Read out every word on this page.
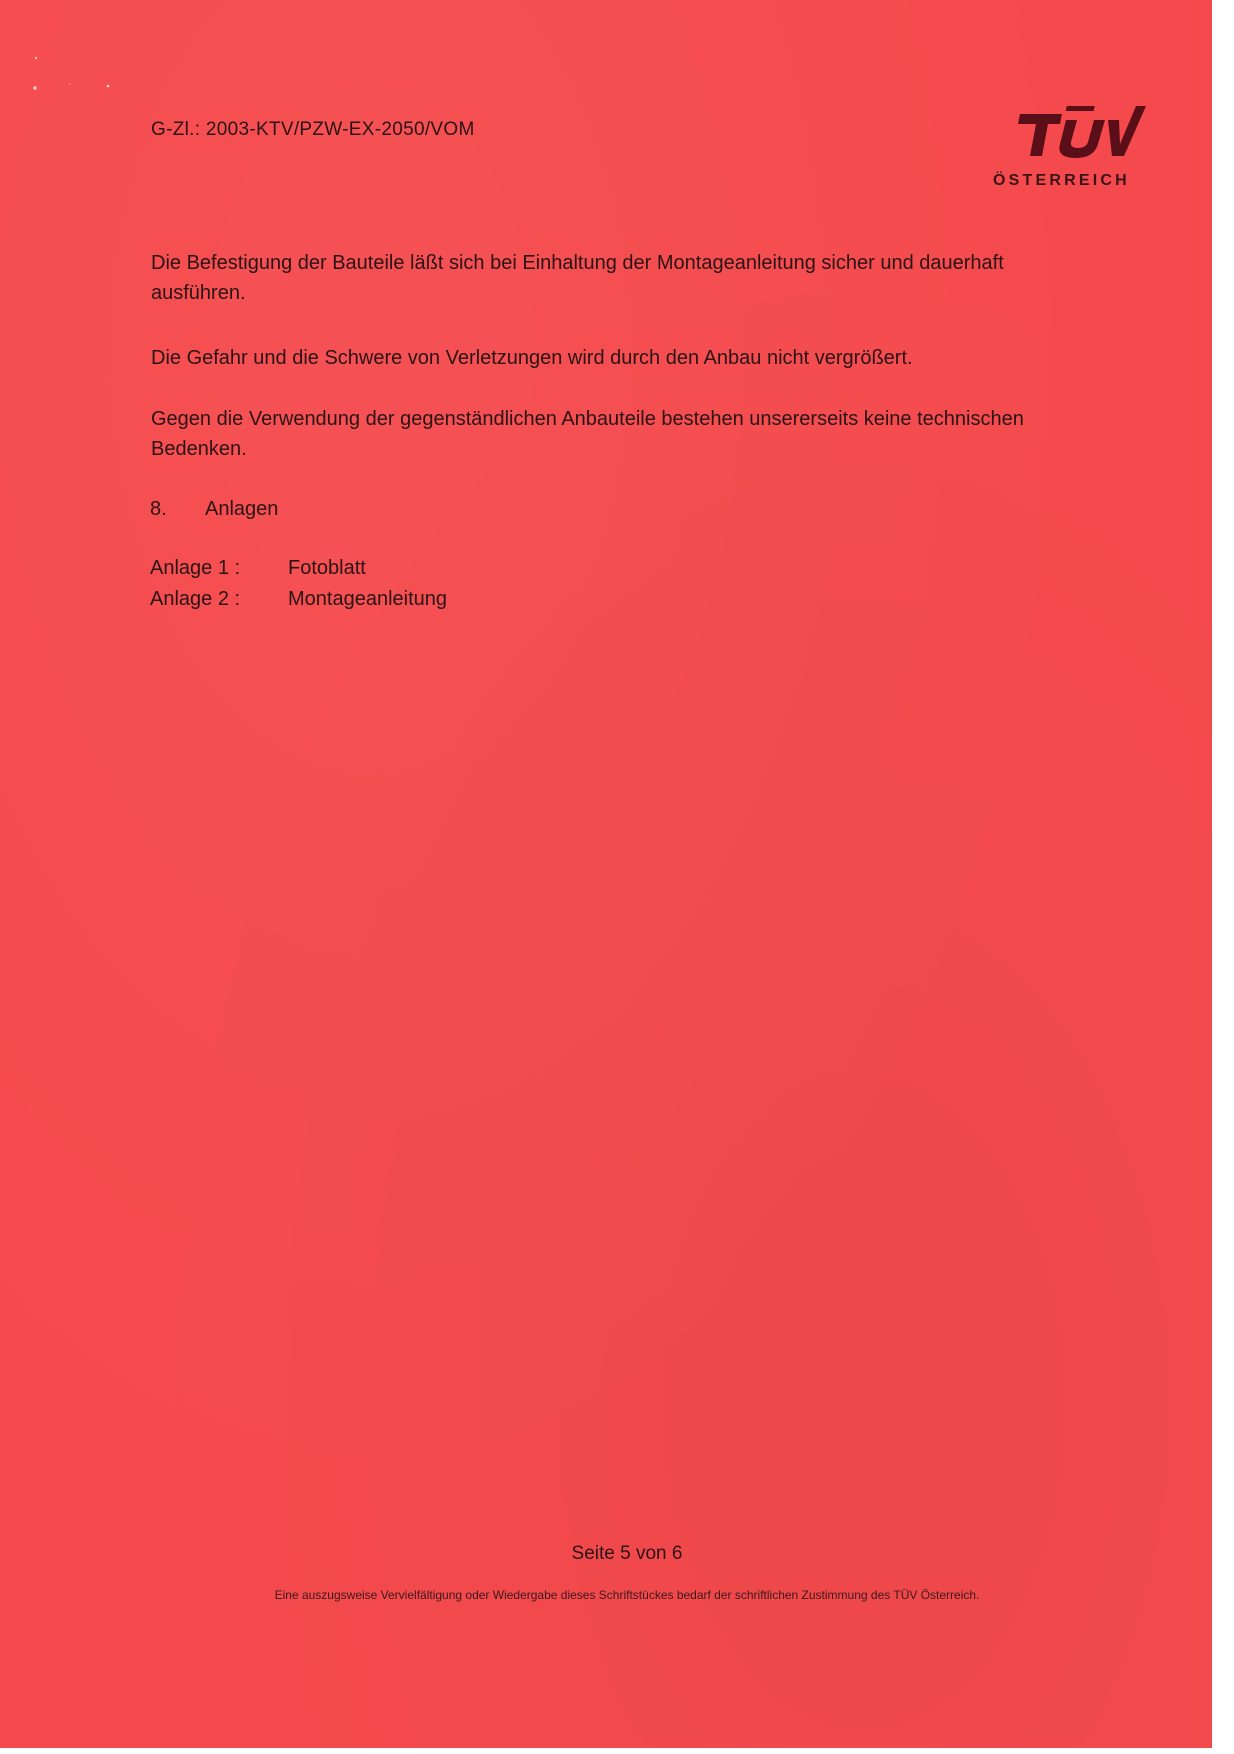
G-Zl.: 2003-KTV/PZW-EX-2050/VOM
ÖSTERREICH
Die Befestigung der Bauteile läßt sich bei Einhaltung der Montageanleitung sicher und dauerhaft ausführen.
Die Gefahr und die Schwere von Verletzungen wird durch den Anbau nicht vergrößert.
Gegen die Verwendung der gegenständlichen Anbauteile bestehen unsererseits keine technischen Bedenken.
8. Anlagen
Anlage 1 : Fotoblatt
Anlage 2 : Montageanleitung
Seite 5 von 6
Eine auszugsweise Vervielfältigung oder Wiedergabe dieses Schriftstückes bedarf der schriftlichen Zustimmung des TÜV Österreich.
